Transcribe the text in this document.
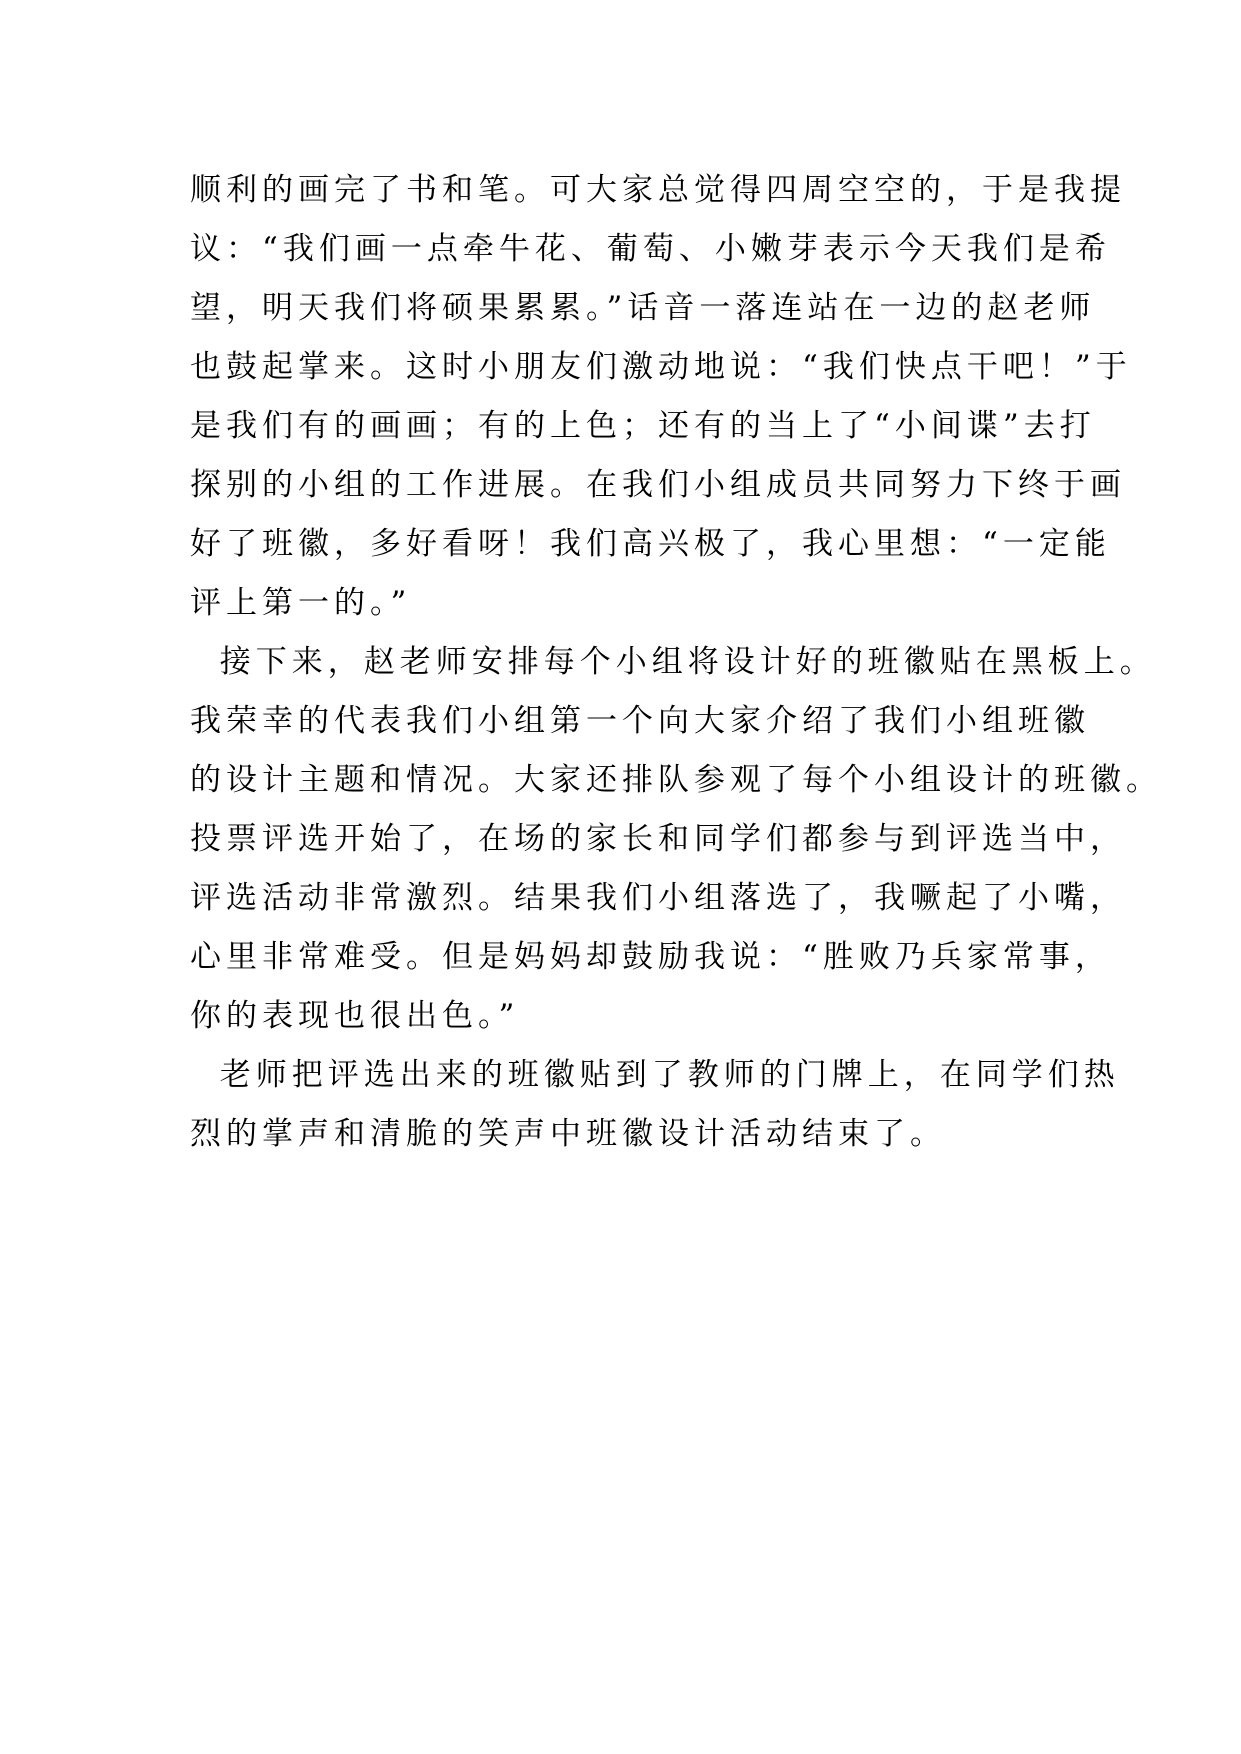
顺利的画完了书和笔。可大家总觉得四周空空的，于是我提
议：“我们画一点牵牛花、葡萄、小嫩芽表示今天我们是希
望，明天我们将硕果累累。”话音一落连站在一边的赵老师
也鼓起掌来。这时小朋友们激动地说：“我们快点干吧！”于
是我们有的画画；有的上色；还有的当上了“小间谍”去打
探别的小组的工作进展。在我们小组成员共同努力下终于画
好了班徽，多好看呀！我们高兴极了，我心里想：“一定能
评上第一的。”
接下来，赵老师安排每个小组将设计好的班徽贴在黑板上。
我荣幸的代表我们小组第一个向大家介绍了我们小组班徽
的设计主题和情况。大家还排队参观了每个小组设计的班徽。
投票评选开始了，在场的家长和同学们都参与到评选当中，
评选活动非常激烈。结果我们小组落选了，我噘起了小嘴，
心里非常难受。但是妈妈却鼓励我说：“胜败乃兵家常事，
你的表现也很出色。”
老师把评选出来的班徽贴到了教师的门牌上，在同学们热
烈的掌声和清脆的笑声中班徽设计活动结束了。
